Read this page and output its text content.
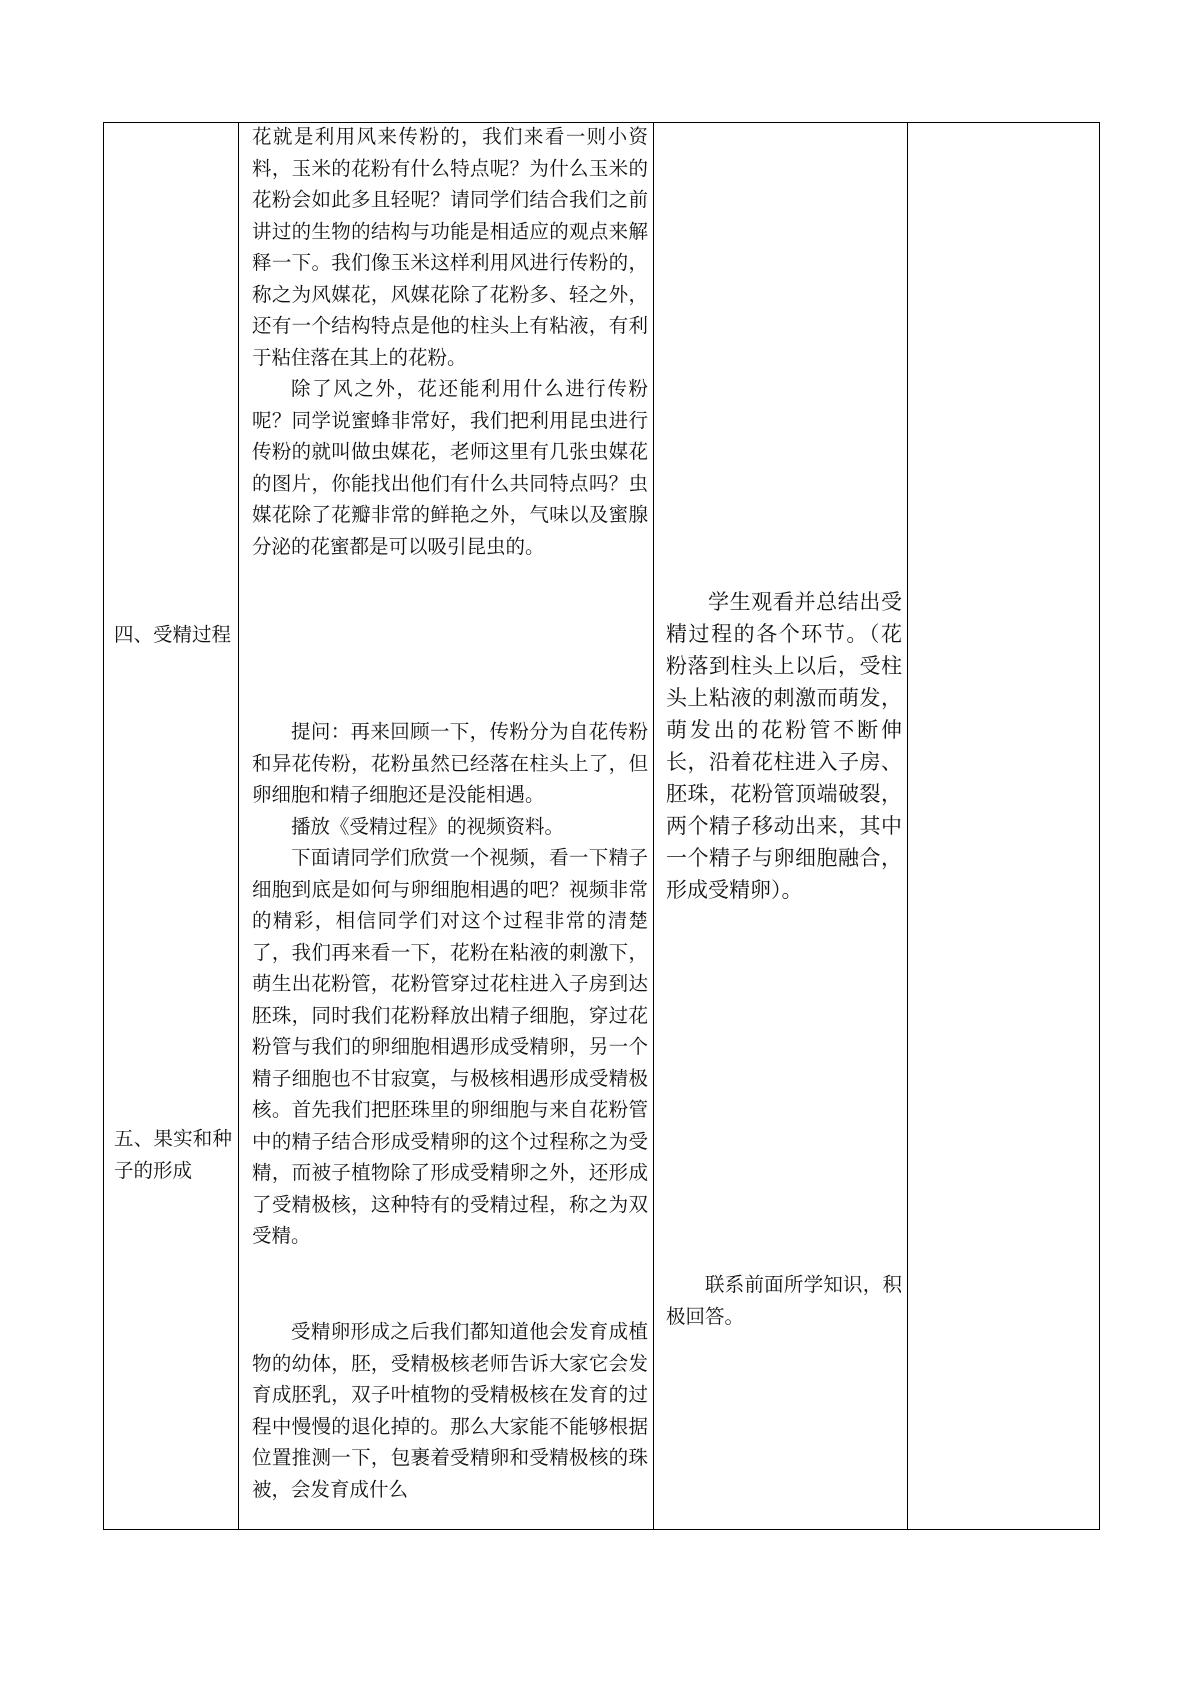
四、受精过程

五、果实和种子的形成

花就是利用风来传粉的，我们来看一则小资料，玉米的花粉有什么特点呢？为什么玉米的花粉会如此多且轻呢？请同学们结合我们之前讲过的生物的结构与功能是相适应的观点来解释一下。我们像玉米这样利用风进行传粉的，称之为风媒花，风媒花除了花粉多、轻之外，还有一个结构特点是他的柱头上有粘液，有利于粘住落在其上的花粉。

除了风之外，花还能利用什么进行传粉呢？同学说蜜蜂非常好，我们把利用昆虫进行传粉的就叫做虫媒花，老师这里有几张虫媒花的图片，你能找出他们有什么共同特点吗？虫媒花除了花瓣非常的鲜艳之外，气味以及蜜腺分泌的花蜜都是可以吸引昆虫的。

提问：再来回顾一下，传粉分为自花传粉和异花传粉，花粉虽然已经落在柱头上了，但卵细胞和精子细胞还是没能相遇。

播放《受精过程》的视频资料。

下面请同学们欣赏一个视频，看一下精子细胞到底是如何与卵细胞相遇的吧？视频非常的精彩，相信同学们对这个过程非常的清楚了，我们再来看一下，花粉在粘液的刺激下，萌生出花粉管，花粉管穿过花柱进入子房到达胚珠，同时我们花粉释放出精子细胞，穿过花粉管与我们的卵细胞相遇形成受精卵，另一个精子细胞也不甘寂寞，与极核相遇形成受精极核。首先我们把胚珠里的卵细胞与来自花粉管中的精子结合形成受精卵的这个过程称之为受精，而被子植物除了形成受精卵之外，还形成了受精极核，这种特有的受精过程，称之为双受精。

受精卵形成之后我们都知道他会发育成植物的幼体，胚，受精极核老师告诉大家它会发育成胚乳，双子叶植物的受精极核在发育的过程中慢慢的退化掉的。那么大家能不能够根据位置推测一下，包裹着受精卵和受精极核的珠被，会发育成什么

学生观看并总结出受精过程的各个环节。（花粉落到柱头上以后，受柱头上粘液的刺激而萌发，萌发出的花粉管不断伸长，沿着花柱进入子房、胚珠，花粉管顶端破裂，两个精子移动出来，其中一个精子与卵细胞融合，形成受精卵）。

联系前面所学知识，积极回答。
